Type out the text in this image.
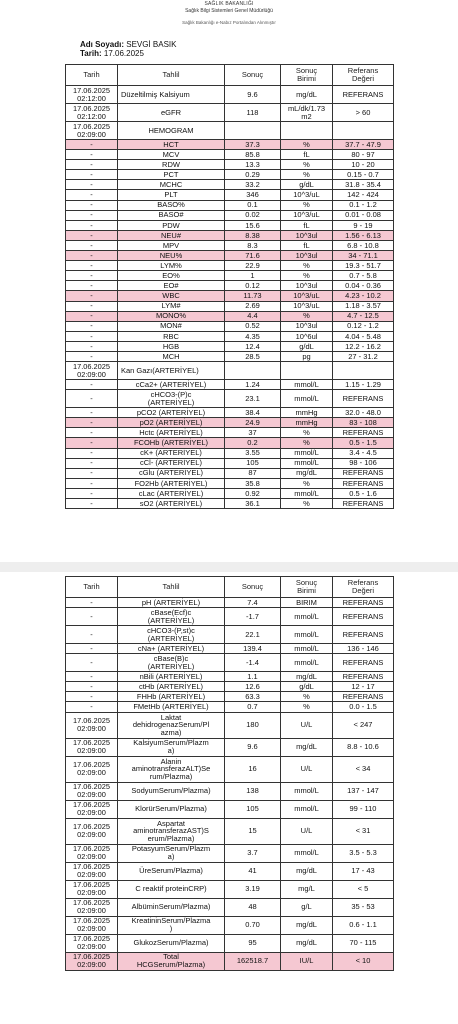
SAĞLIK BAKANLIĞI
Sağlık Bilgi Sistemleri Genel Müdürlüğü
Sağlık Bakanlığı e-Nabız Portalından Alınmıştır
Adı Soyadı: SEVGİ BASIK
Tarih: 17.06.2025
Tarih	Tahlil	Sonuç	Sonuç
Birimi	Referans
Değeri
17.06.2025
02:12:00	Düzeltilmiş Kalsiyum	9.6	mg/dL	REFERANS
17.06.2025
02:12:00	eGFR	118	mL/dk/1.73
m2	> 60
17.06.2025
02:09:00	HEMOGRAM			
-	HCT	37.3	%	37.7 - 47.9
-	MCV	85.8	fL	80 - 97
-	RDW	13.3	%	10 - 20
-	PCT	0.29	%	0.15 - 0.7
-	MCHC	33.2	g/dL	31.8 - 35.4
-	PLT	346	10^3/uL	142 - 424
-	BASO%	0.1	%	0.1 - 1.2
-	BASO#	0.02	10^3/uL	0.01 - 0.08
-	PDW	15.6	fL	9 - 19
-	NEU#	8.38	10^3ul	1.56 - 6.13
-	MPV	8.3	fL	6.8 - 10.8
-	NEU%	71.6	10^3ul	34 - 71.1
-	LYM%	22.9	%	19.3 - 51.7
-	EO%	1	%	0.7 - 5.8
-	EO#	0.12	10^3ul	0.04 - 0.36
-	WBC	11.73	10^3/uL	4.23 - 10.2
-	LYM#	2.69	10^3/uL	1.18 - 3.57
-	MONO%	4.4	%	4.7 - 12.5
-	MON#	0.52	10^3ul	0.12 - 1.2
-	RBC	4.35	10^6ul	4.04 - 5.48
-	HGB	12.4	g/dL	12.2 - 16.2
-	MCH	28.5	pg	27 - 31.2
17.06.2025
02:09:00	Kan Gazı(ARTERİYEL)			
-	cCa2+ (ARTERİYEL)	1.24	mmol/L	1.15 - 1.29
-	cHCO3-(P)c
(ARTERİYEL)	23.1	mmol/L	REFERANS
-	pCO2 (ARTERİYEL)	38.4	mmHg	32.0 - 48.0
-	pO2 (ARTERİYEL)	24.9	mmHg	83 - 108
-	Hctc (ARTERİYEL)	37	%	REFERANS
-	FCOHb (ARTERİYEL)	0.2	%	0.5 - 1.5
-	cK+ (ARTERİYEL)	3.55	mmol/L	3.4 - 4.5
-	cCl- (ARTERİYEL)	105	mmol/L	98 - 106
-	cGlu (ARTERİYEL)	87	mg/dL	REFERANS
-	FO2Hb (ARTERİYEL)	35.8	%	REFERANS
-	cLac (ARTERİYEL)	0.92	mmol/L	0.5 - 1.6
-	sO2 (ARTERİYEL)	36.1	%	REFERANS
Tarih	Tahlil	Sonuç	Sonuç
Birimi	Referans
Değeri
-	pH (ARTERİYEL)	7.4	BIRIM	REFERANS
-	cBase(Ecf)c
(ARTERİYEL)	-1.7	mmol/L	REFERANS
-	cHCO3-(P,st)c
(ARTERİYEL)	22.1	mmol/L	REFERANS
-	cNa+ (ARTERİYEL)	139.4	mmol/L	136 - 146
-	cBase(B)c
(ARTERİYEL)	-1.4	mmol/L	REFERANS
-	nBili (ARTERİYEL)	1.1	mg/dL	REFERANS
-	ctHb (ARTERİYEL)	12.6	g/dL	12 - 17
-	FHHb (ARTERİYEL)	63.3	%	REFERANS
-	FMetHb (ARTERİYEL)	0.7	%	0.0 - 1.5
17.06.2025
02:09:00	Laktat
dehidrogenazSerum/Pl
azma)	180	U/L	< 247
17.06.2025
02:09:00	KalsiyumSerum/Plazm
a)	9.6	mg/dL	8.8 - 10.6
17.06.2025
02:09:00	Alanin
aminotransferazALT)Se
rum/Plazma)	16	U/L	< 34
17.06.2025
02:09:00	SodyumSerum/Plazma)	138	mmol/L	137 - 147
17.06.2025
02:09:00	KlorürSerum/Plazma)	105	mmol/L	99 - 110
17.06.2025
02:09:00	Aspartat
aminotransferazAST)S
erum/Plazma)	15	U/L	< 31
17.06.2025
02:09:00	PotasyumSerum/Plazm
a)	3.7	mmol/L	3.5 - 5.3
17.06.2025
02:09:00	ÜreSerum/Plazma)	41	mg/dL	17 - 43
17.06.2025
02:09:00	C reaktif proteinCRP)	3.19	mg/L	< 5
17.06.2025
02:09:00	AlbüminSerum/Plazma)	48	g/L	35 - 53
17.06.2025
02:09:00	KreatininSerum/Plazma
)	0.70	mg/dL	0.6 - 1.1
17.06.2025
02:09:00	GlukozSerum/Plazma)	95	mg/dL	70 - 115
17.06.2025
02:09:00	Total
HCGSerum/Plazma)	162518.7	IU/L	< 10
